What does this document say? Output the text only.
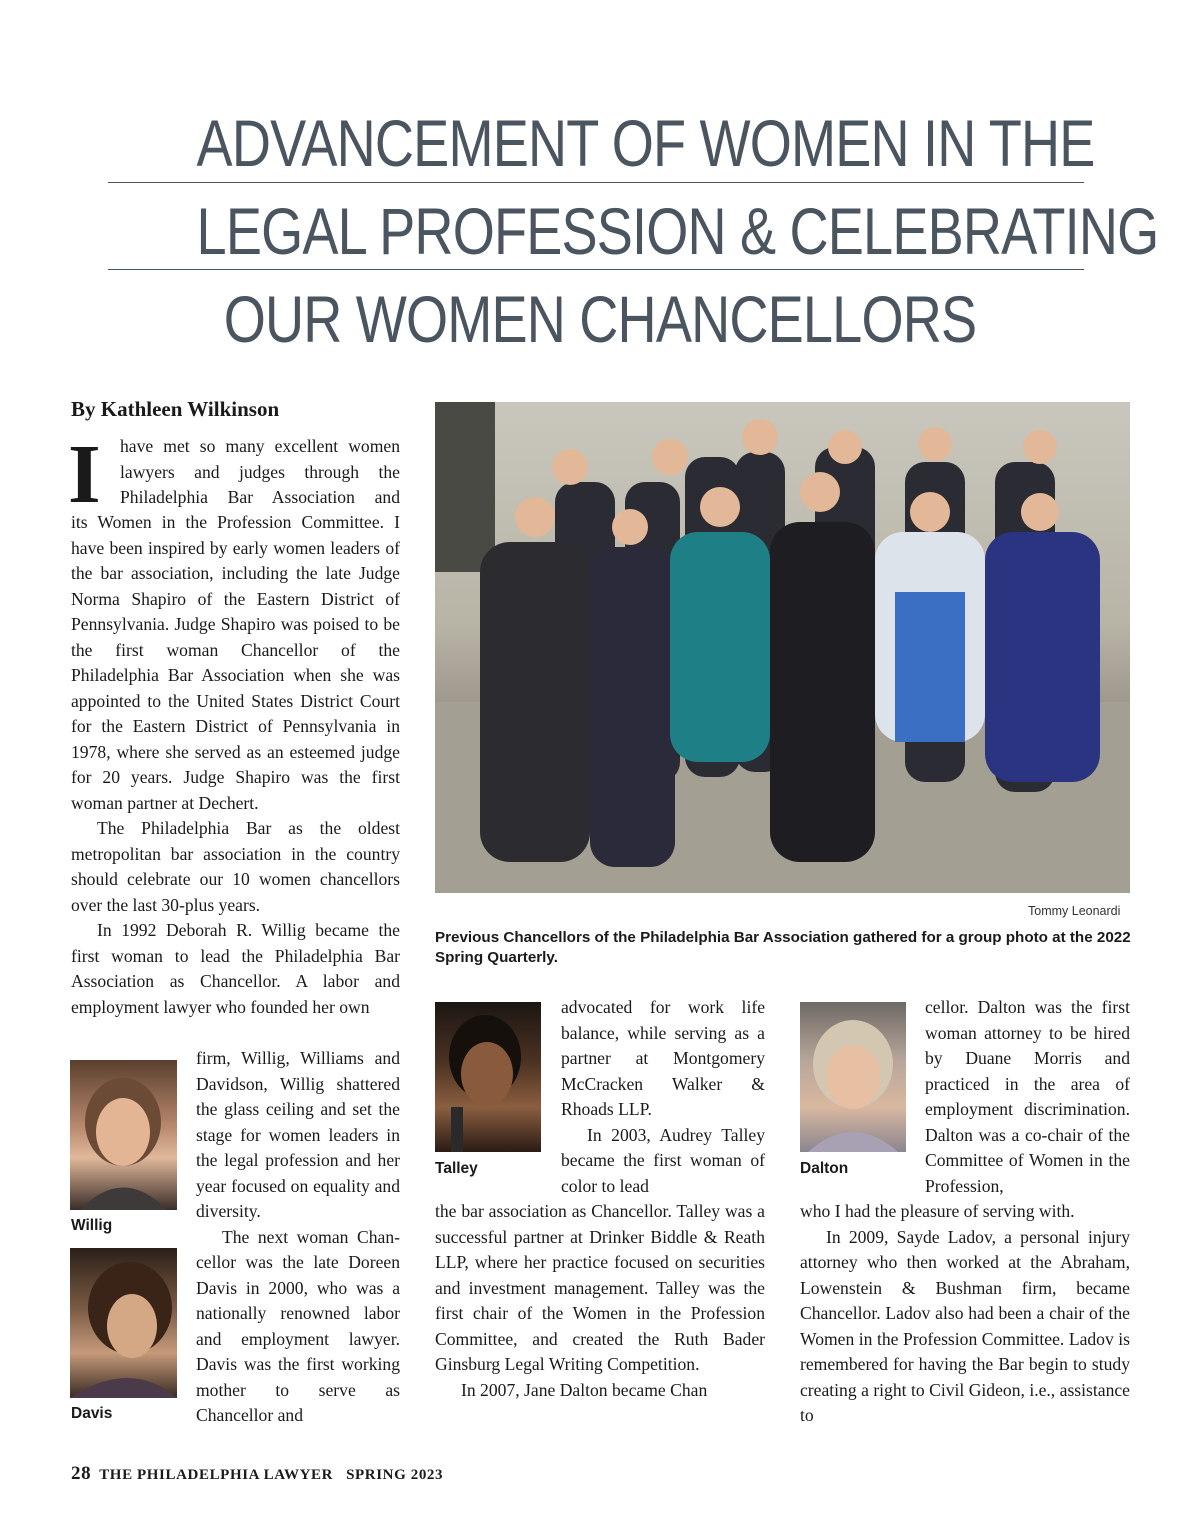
ADVANCEMENT OF WOMEN IN THE
LEGAL PROFESSION & CELEBRATING
OUR WOMEN CHANCELLORS
By Kathleen Wilkinson
I have met so many excellent women
lawyers and judges through the
Philadelphia Bar Association and

its Women in the Profession Committee. I have been inspired by early women leaders of the bar association, including the late Judge Norma Shapiro of the Eastern District of Pennsylvania. Judge Shapiro was poised to be the first woman Chancellor of the Philadelphia Bar Association when she was appointed to the United States District Court for the Eastern District of Pennsylvania in 1978, where she served as an esteemed judge for 20 years. Judge Shapiro was the first woman partner at Dechert.

The Philadelphia Bar as the oldest metropolitan bar association in the country should celebrate our 10 women chancellors over the last 30-plus years.

In 1992 Deborah R. Willig became the first woman to lead the Philadelphia Bar Association as Chancellor. A labor and employment lawyer who founded her own

Willig
Davis

firm, Willig, Williams and Davidson, Willig shattered the glass ceiling and set the stage for women leaders in the legal profession and her year focused on equality and diversity.

The next woman Chancellor was the late Doreen Davis in 2000, who was a nationally renowned labor and employment lawyer. Davis was the first working mother to serve as Chancellor and

Tommy Leonardi
Previous Chancellors of the Philadelphia Bar Association gathered for a group photo at the 2022 Spring Quarterly.
Talley

advocated for work life balance, while serving as a partner at Montgomery McCracken Walker & Rhoads LLP.

In 2003, Audrey Talley became the first woman of color to lead

the bar association as Chancellor. Talley was a successful partner at Drinker Biddle & Reath LLP, where her practice focused on securities and investment management. Talley was the first chair of the Women in the Profession Committee, and created the Ruth Bader Ginsburg Legal Writing Competition.

In 2007, Jane Dalton became Chan

Dalton

cellor. Dalton was the first woman attorney to be hired by Duane Morris and practiced in the area of employment discrimination. Dalton was a co-chair of the Committee of Women in the Profession,

who I had the pleasure of serving with.

In 2009, Sayde Ladov, a personal injury attorney who then worked at the Abraham, Lowenstein & Bushman firm, became Chancellor. Ladov also had been a chair of the Women in the Profession Committee. Ladov is remembered for having the Bar begin to study creating a right to Civil Gideon, i.e., assistance to

28 THE PHILADELPHIA LAWYER   SPRING 2023
